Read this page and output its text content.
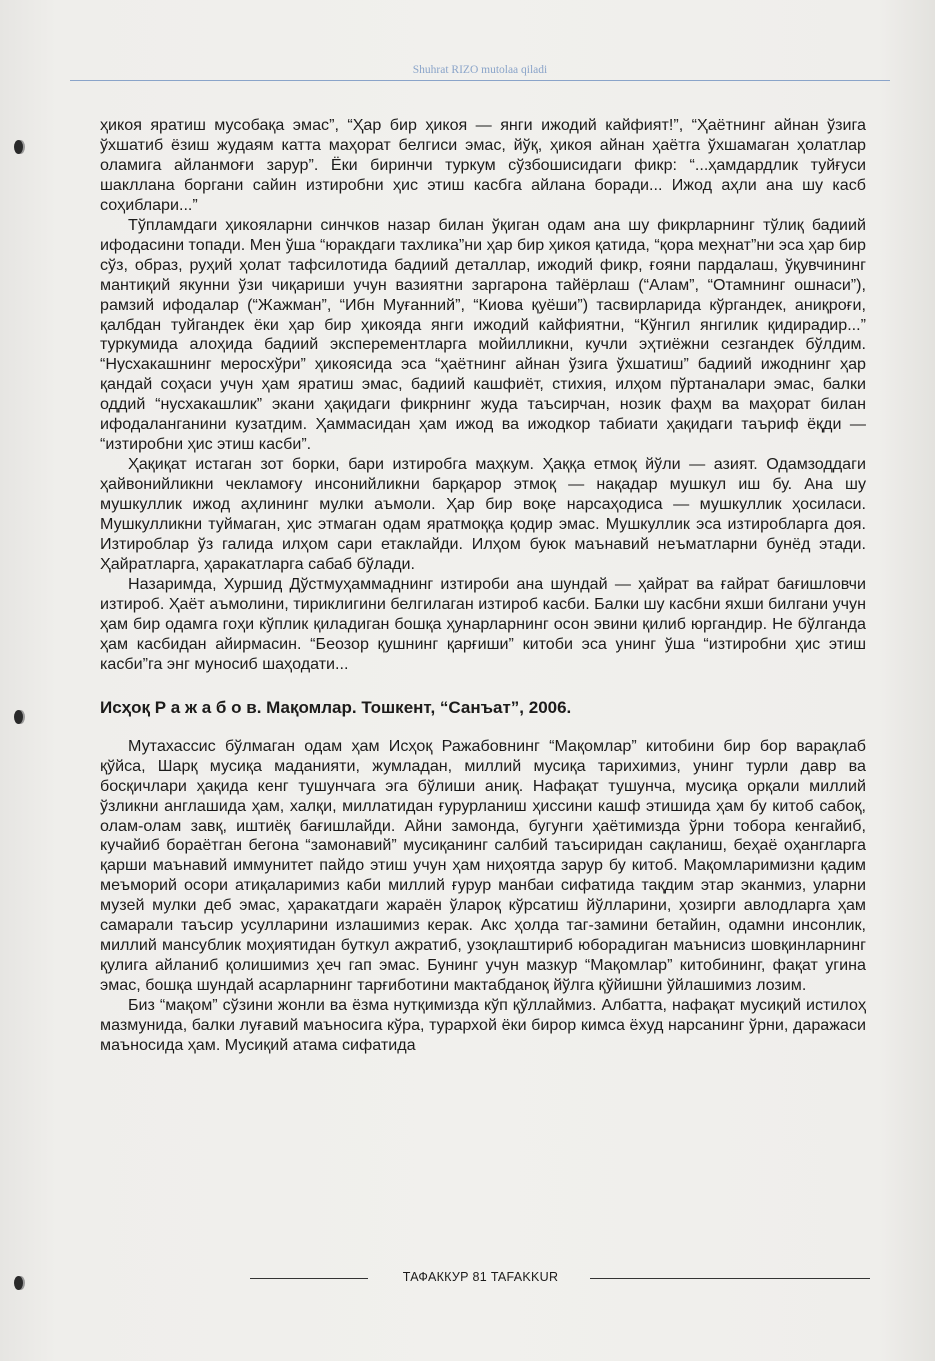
Shuhrat RIZO mutolaa qiladi

ҳикоя яратиш мусобақа эмас”, “Ҳар бир ҳикоя — янги ижодий кайфият!”, “Ҳаётнинг айнан ўзига ўхшатиб ёзиш жудаям катта маҳорат белгиси эмас, йўқ, ҳикоя айнан ҳаётга ўхшамаган ҳолатлар оламига айланмоғи зарур”. Ёки биринчи туркум сўзбошисидаги фикр: “...ҳамдардлик туйғуси шакллана боргани сайин изтиробни ҳис этиш касбга айлана боради... Ижод аҳли ана шу касб соҳиблари...”

Тўпламдаги ҳикояларни синчков назар билан ўқиган одам ана шу фикрларнинг тўлиқ бадиий ифодасини топади. Мен ўша “юракдаги тахлика”ни ҳар бир ҳикоя қатида, “қора меҳнат”ни эса ҳар бир сўз, образ, руҳий ҳолат тафсилотида бадиий деталлар, ижодий фикр, ғояни пардалаш, ўқувчининг мантиқий якунни ўзи чиқариши учун вазиятни заргарона тайёрлаш (“Алам”, “Отамнинг ошнаси”), рамзий ифодалар (“Жажман”, “Ибн Муғанний”, “Киова қуёши”) тасвирларида кўргандек, аниқроғи, қалбдан туйгандек ёки ҳар бир ҳикояда янги ижодий кайфиятни, “Кўнгил янгилик қидирадир...” туркумида алоҳида бадиий эксперементларга мойилликни, кучли эҳтиёжни сезгандек бўлдим. “Нусхакашнинг меросхўри” ҳикоясида эса “ҳаётнинг айнан ўзига ўхшатиш” бадиий ижоднинг ҳар қандай соҳаси учун ҳам яратиш эмас, бадиий кашфиёт, стихия, илҳом пўртаналари эмас, балки оддий “нусхакашлик” экани ҳақидаги фикрнинг жуда таъсирчан, нозик фаҳм ва маҳорат билан ифодаланганини кузатдим. Ҳаммасидан ҳам ижод ва ижодкор табиати ҳақидаги таъриф ёқди — “изтиробни ҳис этиш касби”.

Ҳақиқат истаган зот борки, бари изтиробга маҳкум. Ҳаққа етмоқ йўли — азият. Одамзоддаги ҳайвонийликни чекламоғу инсонийликни барқарор этмоқ — нақадар мушкул иш бу. Ана шу мушкуллик ижод аҳлининг мулки аъмоли. Ҳар бир воқе нарсаҳодиса — мушкуллик ҳосиласи. Мушкулликни туймаган, ҳис этмаган одам яратмоққа қодир эмас. Мушкуллик эса изтиробларга доя. Изтироблар ўз галида илҳом сари етаклайди. Илҳом буюк маънавий неъматларни бунёд этади. Ҳайратларга, ҳаракатларга сабаб бўлади.

Назаримда, Хуршид Дўстмуҳаммаднинг изтироби ана шундай — ҳайрат ва ғайрат бағишловчи изтироб. Ҳаёт аъмолини, тириклигини белгилаган изтироб касби. Балки шу касбни яхши билгани учун ҳам бир одамга гоҳи кўплик қиладиган бошқа ҳунарларнинг осон эвини қилиб юргандир. Не бўлганда ҳам касбидан айирмасин. “Беозор қушнинг қарғиши” китоби эса унинг ўша “изтиробни ҳис этиш касби”га энг муносиб шаҳодати...

Исҳоқ Р а ж а б о в. Мақомлар. Тошкент, “Санъат”, 2006.

Мутахассис бўлмаган одам ҳам Исҳоқ Ражабовнинг “Мақомлар” китобини бир бор варақлаб қўйса, Шарқ мусиқа маданияти, жумладан, миллий мусиқа тарихимиз, унинг турли давр ва босқичлари ҳақида кенг тушунчага эга бўлиши аниқ. Нафақат тушунча, мусиқа орқали миллий ўзликни англашида ҳам, халқи, миллатидан ғурурланиш ҳиссини кашф этишида ҳам бу китоб сабоқ, олам-олам завқ, иштиёқ бағишлайди. Айни замонда, бугунги ҳаётимизда ўрни тобора кенгайиб, кучайиб бораётган бегона “замонавий” мусиқанинг салбий таъсиридан сақланиш, беҳаё оҳангларга қарши маънавий иммунитет пайдо этиш учун ҳам ниҳоятда зарур бу китоб. Мақомларимизни қадим меъморий осори атиқаларимиз каби миллий ғурур манбаи сифатида тақдим этар эканмиз, уларни музей мулки деб эмас, ҳаракатдаги жараён ўлароқ кўрсатиш йўлларини, ҳозирги авлодларга ҳам самарали таъсир усулларини излашимиз керак. Акс ҳолда таг-замини бетайин, одамни инсонлик, миллий мансублик моҳиятидан буткул ажратиб, узоқлаштириб юборадиган маънисиз шовқинларнинг қулига айланиб қолишимиз ҳеч гап эмас. Бунинг учун мазкур “Мақомлар” китобининг, фақат угина эмас, бошқа шундай асарларнинг тарғиботини мактабданоқ йўлга қўйишни ўйлашимиз лозим.

Биз “мақом” сўзини жонли ва ёзма нутқимизда кўп қўллаймиз. Албатта, нафақат мусиқий истилоҳ мазмунида, балки луғавий маъносига кўра, турархой ёки бирор кимса ёхуд нарсанинг ўрни, даражаси маъносида ҳам. Мусиқий атама сифатида

ТАФАККУР 81 TAFAKKUR
